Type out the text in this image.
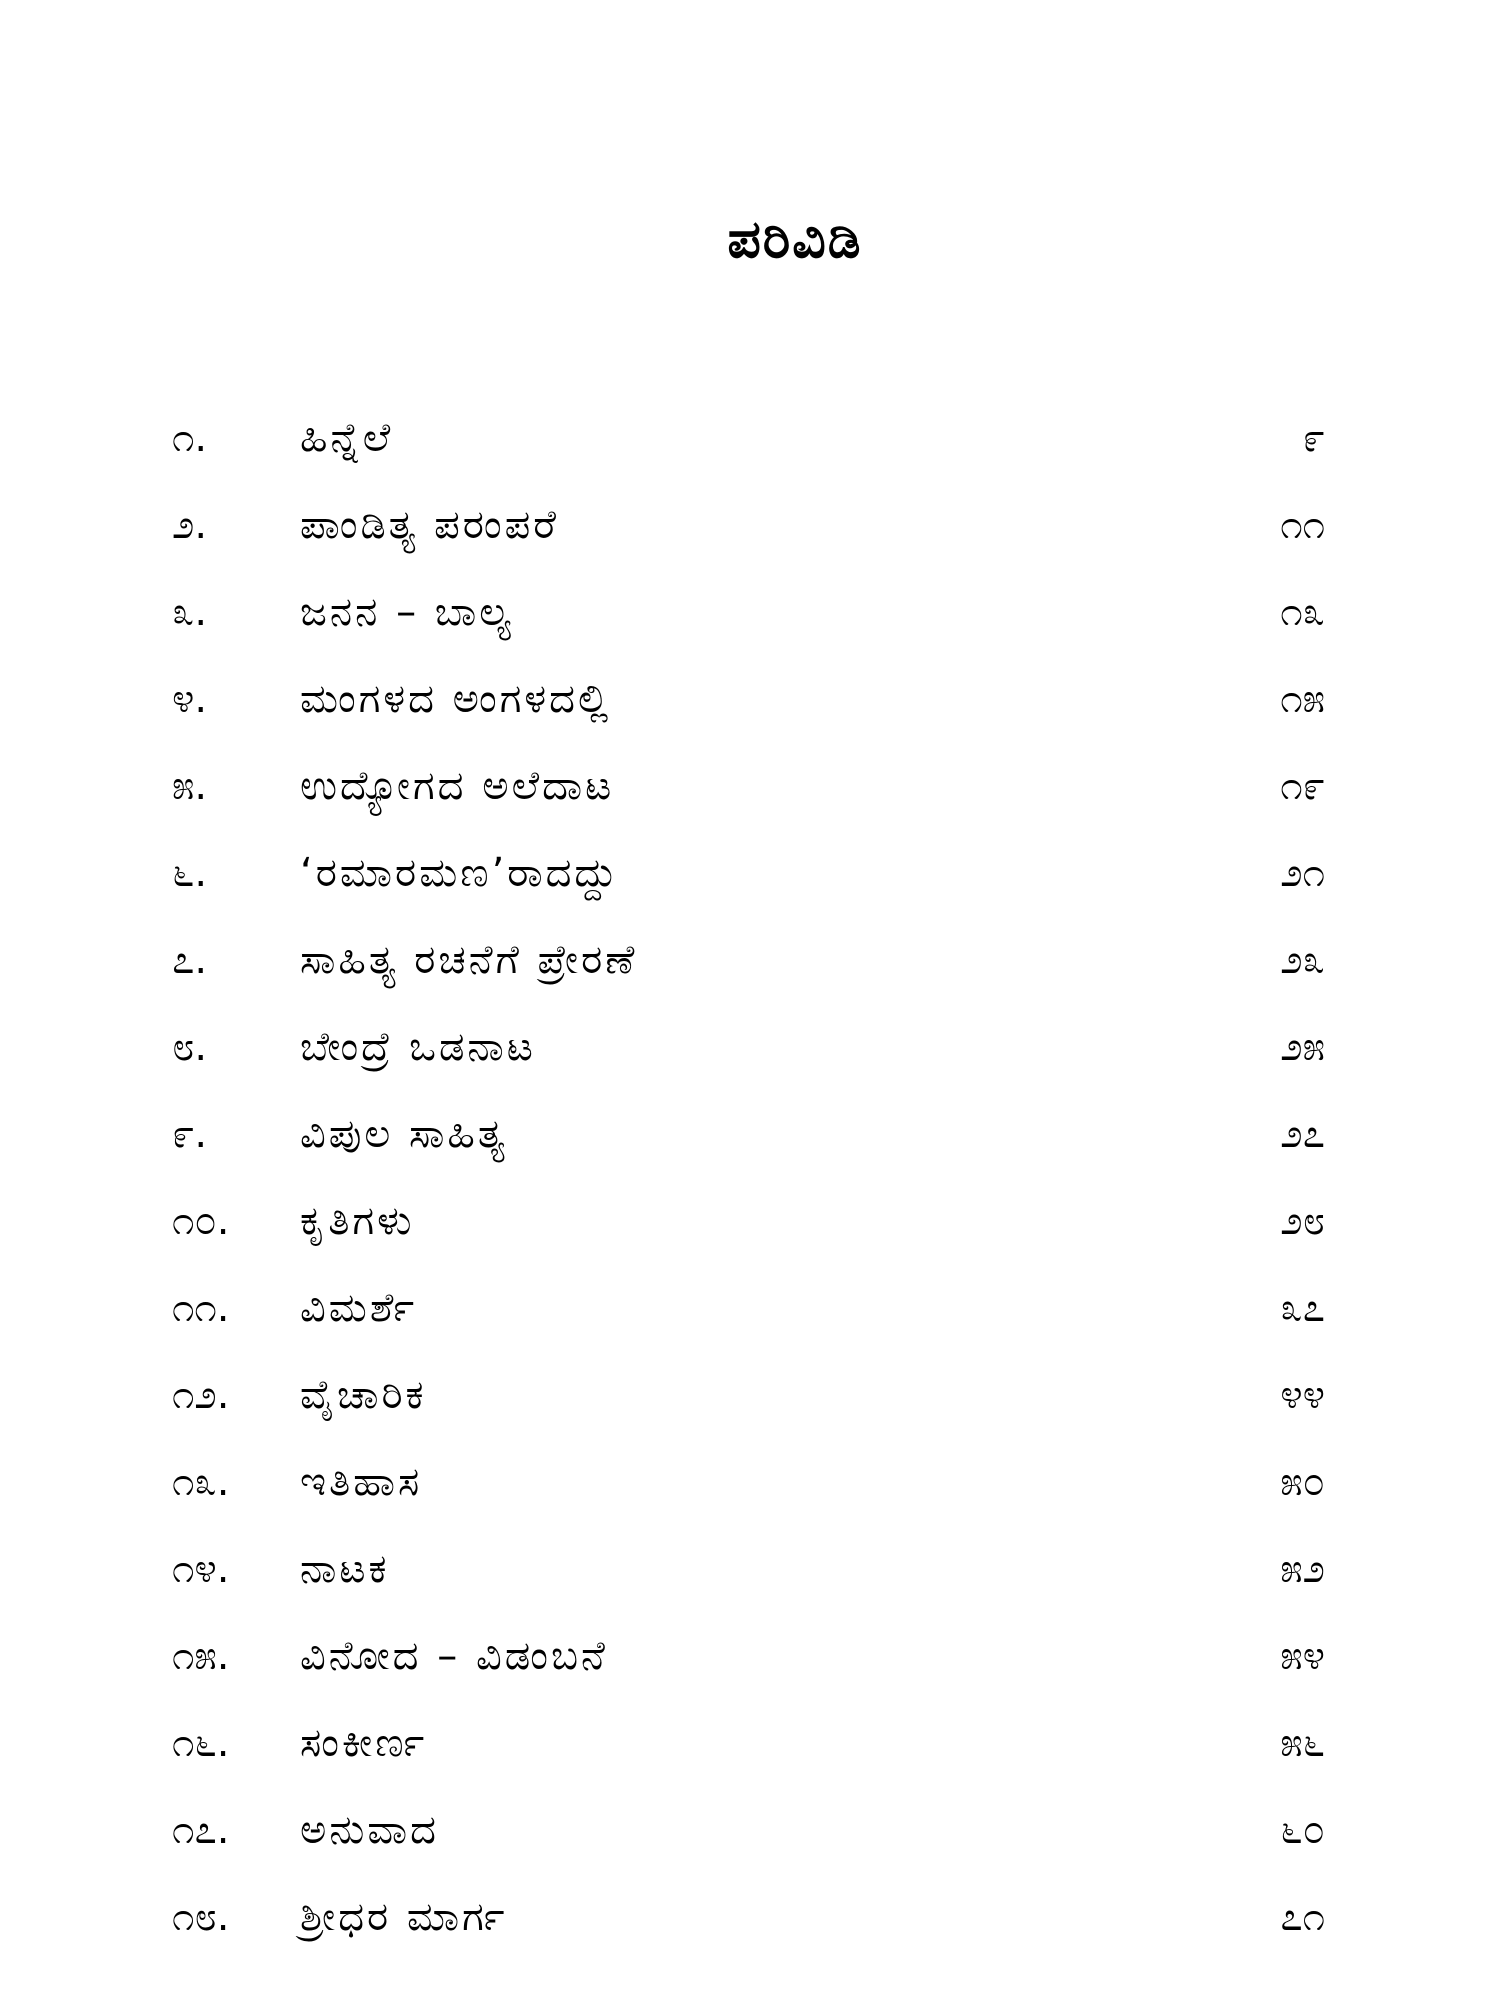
ಪರಿವಿಡಿ
೧.	ಹಿನ್ನೆಲೆ	೯
೨.	ಪಾಂಡಿತ್ಯ ಪರಂಪರೆ	೧೧
೩.	ಜನನ – ಬಾಲ್ಯ	೧೩
೪.	ಮಂಗಳದ ಅಂಗಳದಲ್ಲಿ	೧೫
೫.	ಉದ್ಯೋಗದ ಅಲೆದಾಟ	೧೯
೬.	‘ರಮಾರಮಣ’ರಾದದ್ದು	೨೧
೭.	ಸಾಹಿತ್ಯ ರಚನೆಗೆ ಪ್ರೇರಣೆ	೨೩
೮.	ಬೇಂದ್ರೆ ಒಡನಾಟ	೨೫
೯.	ವಿಪುಲ ಸಾಹಿತ್ಯ	೨೭
೧೦.	ಕೃತಿಗಳು	೨೮
೧೧.	ವಿಮರ್ಶೆ	೩೭
೧೨.	ವೈಚಾರಿಕ	೪೪
೧೩.	ಇತಿಹಾಸ	೫೦
೧೪.	ನಾಟಕ	೫೨
೧೫.	ವಿನೋದ – ವಿಡಂಬನೆ	೫೪
೧೬.	ಸಂಕೀರ್ಣ	೫೬
೧೭.	ಅನುವಾದ	೬೦
೧೮.	ಶ್ರೀಧರ ಮಾರ್ಗ	೭೧
